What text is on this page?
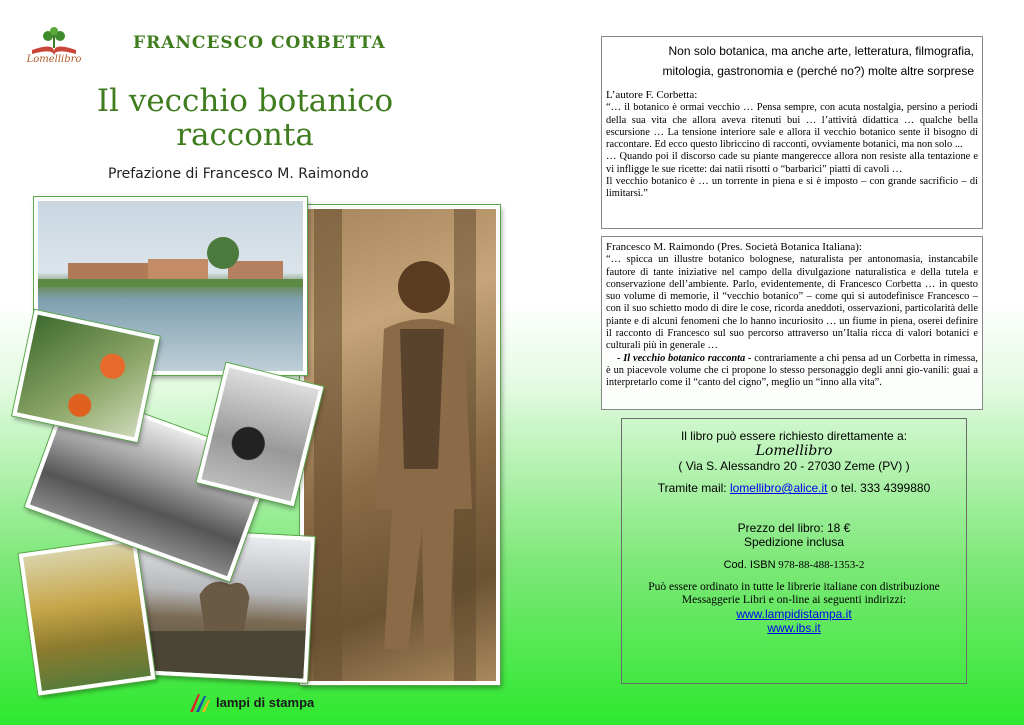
Lomellibro
FRANCESCO CORBETTA
Il vecchio botanico
racconta
Prefazione di Francesco M. Raimondo
lampi di stampa
Non solo botanica, ma anche arte, letteratura, filmografia,
mitologia, gastronomia e (perché no?) molte altre sorprese

L’autore F. Corbetta:

“… il botanico è ormai vecchio … Pensa sempre, con acuta nostalgia, persino a periodi della sua vita che allora aveva ritenuti bui … l’attività didattica … qualche bella escursione … La tensione interiore sale e allora il vecchio botanico sente il bisogno di raccontare. Ed ecco questo libriccino di racconti, ovviamente botanici, ma non solo ...

… Quando poi il discorso cade su piante mangerecce allora non resiste alla tentazione e vi infligge le sue ricette: dai natii risotti o “barbarici” piatti di cavoli …

Il vecchio botanico è … un torrente in piena e si è imposto – con grande sacrificio – di limitarsi.”

Francesco M. Raimondo (Pres. Società Botanica Italiana):

“… spicca un illustre botanico bolognese, naturalista per antonomasia, instancabile fautore di tante iniziative nel campo della divulgazione naturalistica e della tutela e conservazione dell’ambiente. Parlo, evidentemente, di Francesco Corbetta … in questo suo volume di memorie, il “vecchio botanico” – come qui si autodefinisce Francesco – con il suo schietto modo di dire le cose, ricorda aneddoti, osservazioni, particolarità delle piante e di alcuni fenomeni che lo hanno incuriosito … un fiume in piena, oserei definire il racconto di Francesco sul suo percorso attraverso un’Italia ricca di valori botanici e culturali più in generale …

- Il vecchio botanico racconta - contrariamente a chi pensa ad un Corbetta in rimessa, è un piacevole volume che ci propone lo stesso personaggio degli anni gio-vanili: guai a interpretarlo come il “canto del cigno”, meglio un “inno alla vita”.

Il libro può essere richiesto direttamente a:

Lomellibro

( Via S. Alessandro 20 - 27030 Zeme (PV) )

Tramite mail: lomellibro@alice.it o tel. 333 4399880

Prezzo del libro: 18 €

Spedizione inclusa

Cod. ISBN 978-88-488-1353-2

Può essere ordinato in tutte le librerie italiane con distribuzione Messaggerie Libri e on-line ai seguenti indirizzi:

www.lampidistampa.it

www.ibs.it
